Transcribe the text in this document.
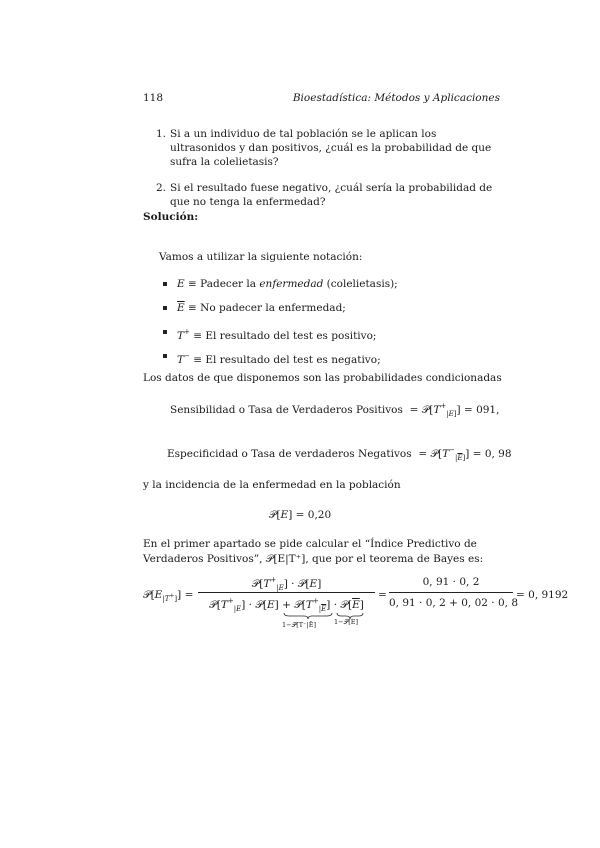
118	Bioestadística: Métodos y Aplicaciones
1. Si a un individuo de tal población se le aplican los ultrasonidos y dan positivos, ¿cuál es la probabilidad de que sufra la colelietasis?
2. Si el resultado fuese negativo, ¿cuál sería la probabilidad de que no tenga la enfermedad?
Solución:
Vamos a utilizar la siguiente notación:
E ≡ Padecer la enfermedad (colelietasis);
$\overline{E} \equiv No$ padecer la enfermedad;
T+ ≡ El resultado del test es positivo;
T− ≡ El resultado del test es negativo;
Los datos de que disponemos son las probabilidades condicionadas
Sensibilidad o Tasa de Verdaderos Positivos  = $𝒫[T^+_{|E]}] = 091$,
Especificidad o Tasa de verdaderos Negativos  = $𝒫[T^-_{|\overline{E}]}] = 0$, 98
y la incidencia de la enfermedad en la población
𝒫[E] = 0,20
En el primer apartado se pide calcular el “Índice Predictivo de Verdaderos Positivos”, 𝒫[E|T⁺], que por el teorema de Bayes es:
$𝒫[E_{|T^+]}]$ =
$𝒫[T^+_{|E}]$ · 𝒫[E]
$𝒫[T^+_{|E}]$ · 𝒫[E] + $𝒫[T^+_{|\overline{E}}]$ · $𝒫[\overline{E}]$
1−𝒫[T⁻|Ē]	1−𝒫[E]
=
0, 91 · 0, 2
0, 91 · 0, 2 + 0, 02 · 0, 8
= 0, 9192
